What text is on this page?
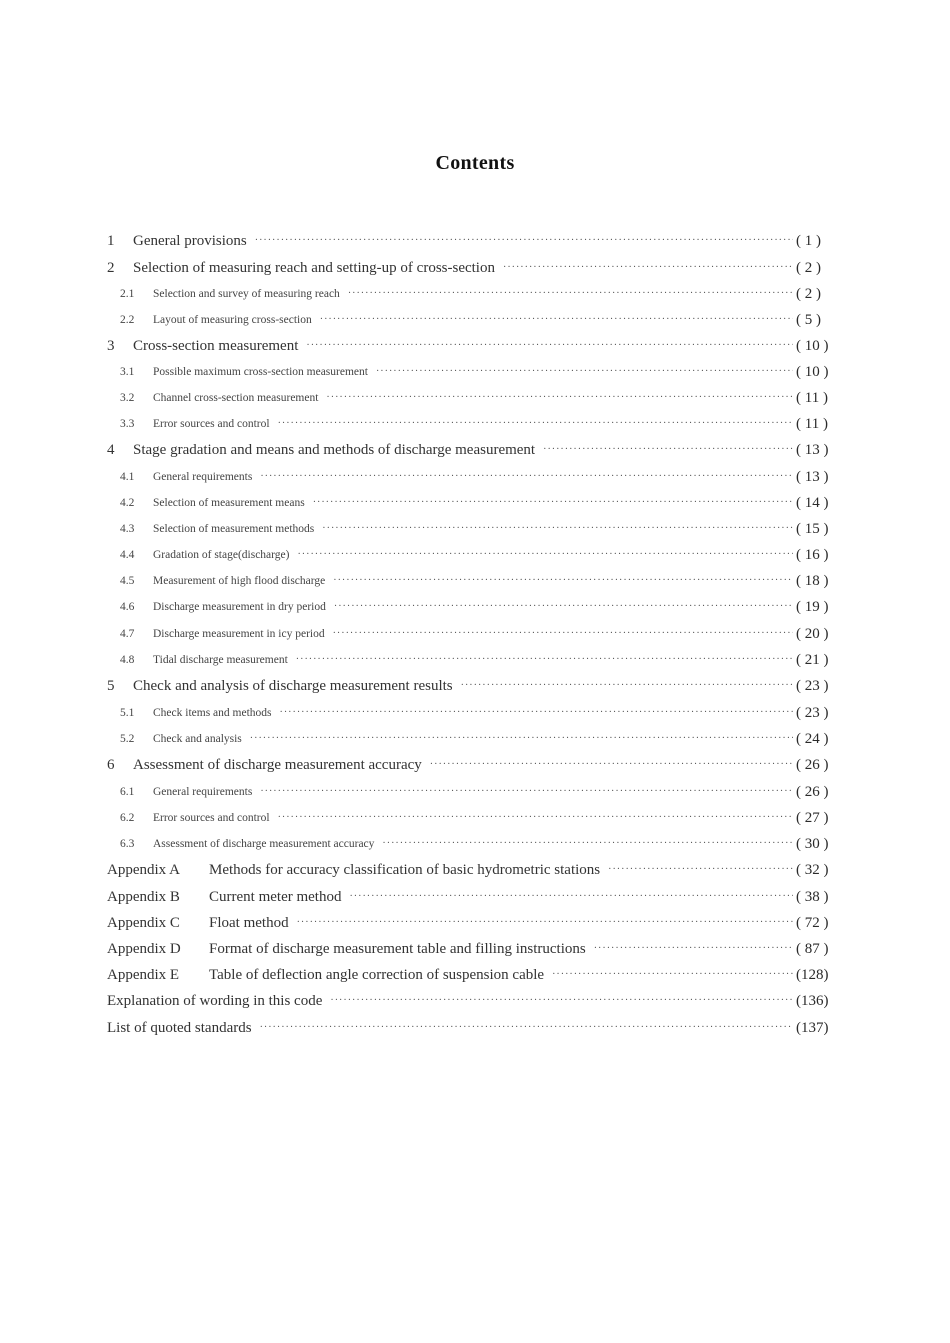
Contents
1	General provisions ·····	( 1 )
2	Selection of measuring reach and setting-up of cross-section ·····	( 2 )
2.1	Selection and survey of measuring reach ·····	( 2 )
2.2	Layout of measuring cross-section ·····	( 5 )
3	Cross-section measurement ·····	( 10 )
3.1	Possible maximum cross-section measurement ·····	( 10 )
3.2	Channel cross-section measurement ·····	( 11 )
3.3	Error sources and control ·····	( 11 )
4	Stage gradation and means and methods of discharge measurement ·····	( 13 )
4.1	General requirements ·····	( 13 )
4.2	Selection of measurement means ·····	( 14 )
4.3	Selection of measurement methods ·····	( 15 )
4.4	Gradation of stage(discharge) ·····	( 16 )
4.5	Measurement of high flood discharge ·····	( 18 )
4.6	Discharge measurement in dry period ·····	( 19 )
4.7	Discharge measurement in icy period ·····	( 20 )
4.8	Tidal discharge measurement ·····	( 21 )
5	Check and analysis of discharge measurement results ·····	( 23 )
5.1	Check items and methods ·····	( 23 )
5.2	Check and analysis ·····	( 24 )
6	Assessment of discharge measurement accuracy ·····	( 26 )
6.1	General requirements ·····	( 26 )
6.2	Error sources and control ·····	( 27 )
6.3	Assessment of discharge measurement accuracy ·····	( 30 )
Appendix A	Methods for accuracy classification of basic hydrometric stations ·····	( 32 )
Appendix B	Current meter method ·····	( 38 )
Appendix C	Float method ·····	( 72 )
Appendix D	Format of discharge measurement table and filling instructions ·····	( 87 )
Appendix E	Table of deflection angle correction of suspension cable ·····	(128)
Explanation of wording in this code ·····	(136)
List of quoted standards ·····	(137)
